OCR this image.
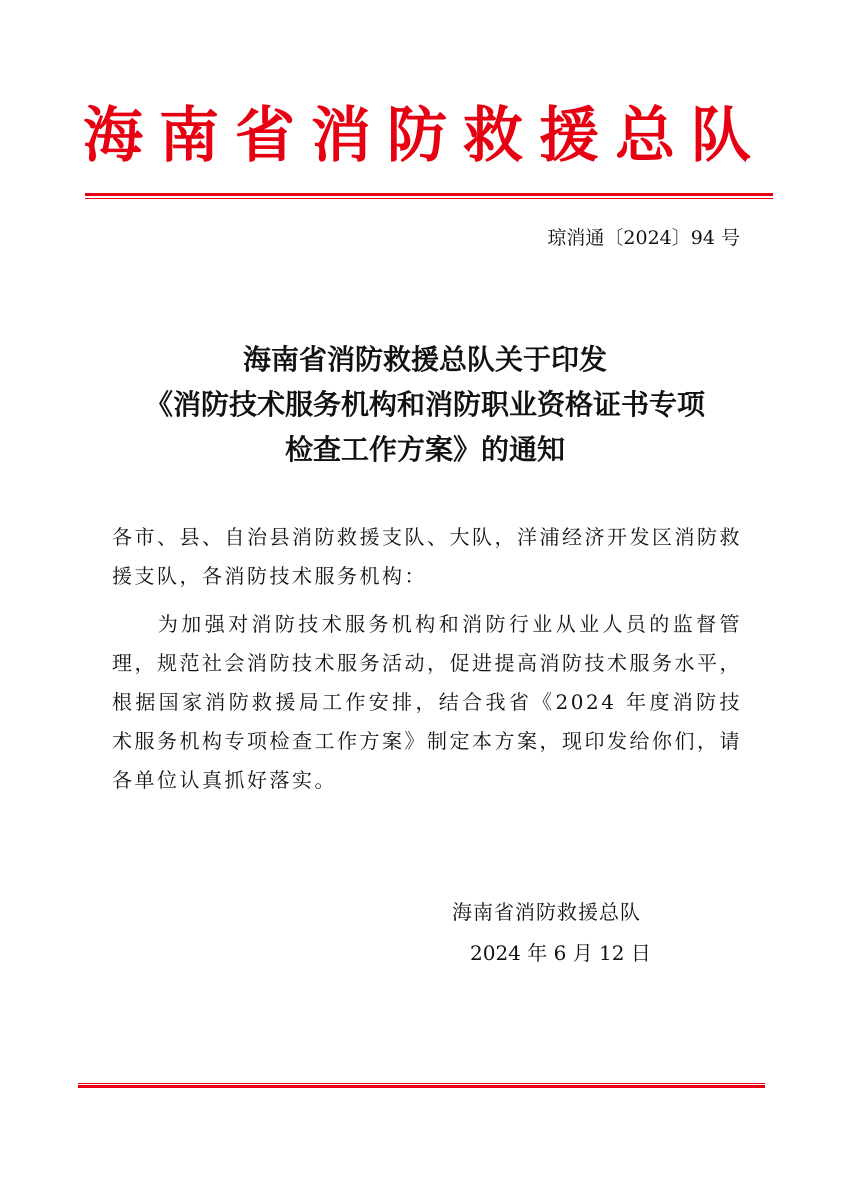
海南省消防救援总队
琼消通〔2024〕94 号
海南省消防救援总队关于印发
《消防技术服务机构和消防职业资格证书专项
检查工作方案》的通知
各市、县、自治县消防救援支队、大队，洋浦经济开发区消防救援支队，各消防技术服务机构：
为加强对消防技术服务机构和消防行业从业人员的监督管理，规范社会消防技术服务活动，促进提高消防技术服务水平，根据国家消防救援局工作安排，结合我省《2024 年度消防技术服务机构专项检查工作方案》制定本方案，现印发给你们，请各单位认真抓好落实。
海南省消防救援总队
2024 年 6 月 12 日
